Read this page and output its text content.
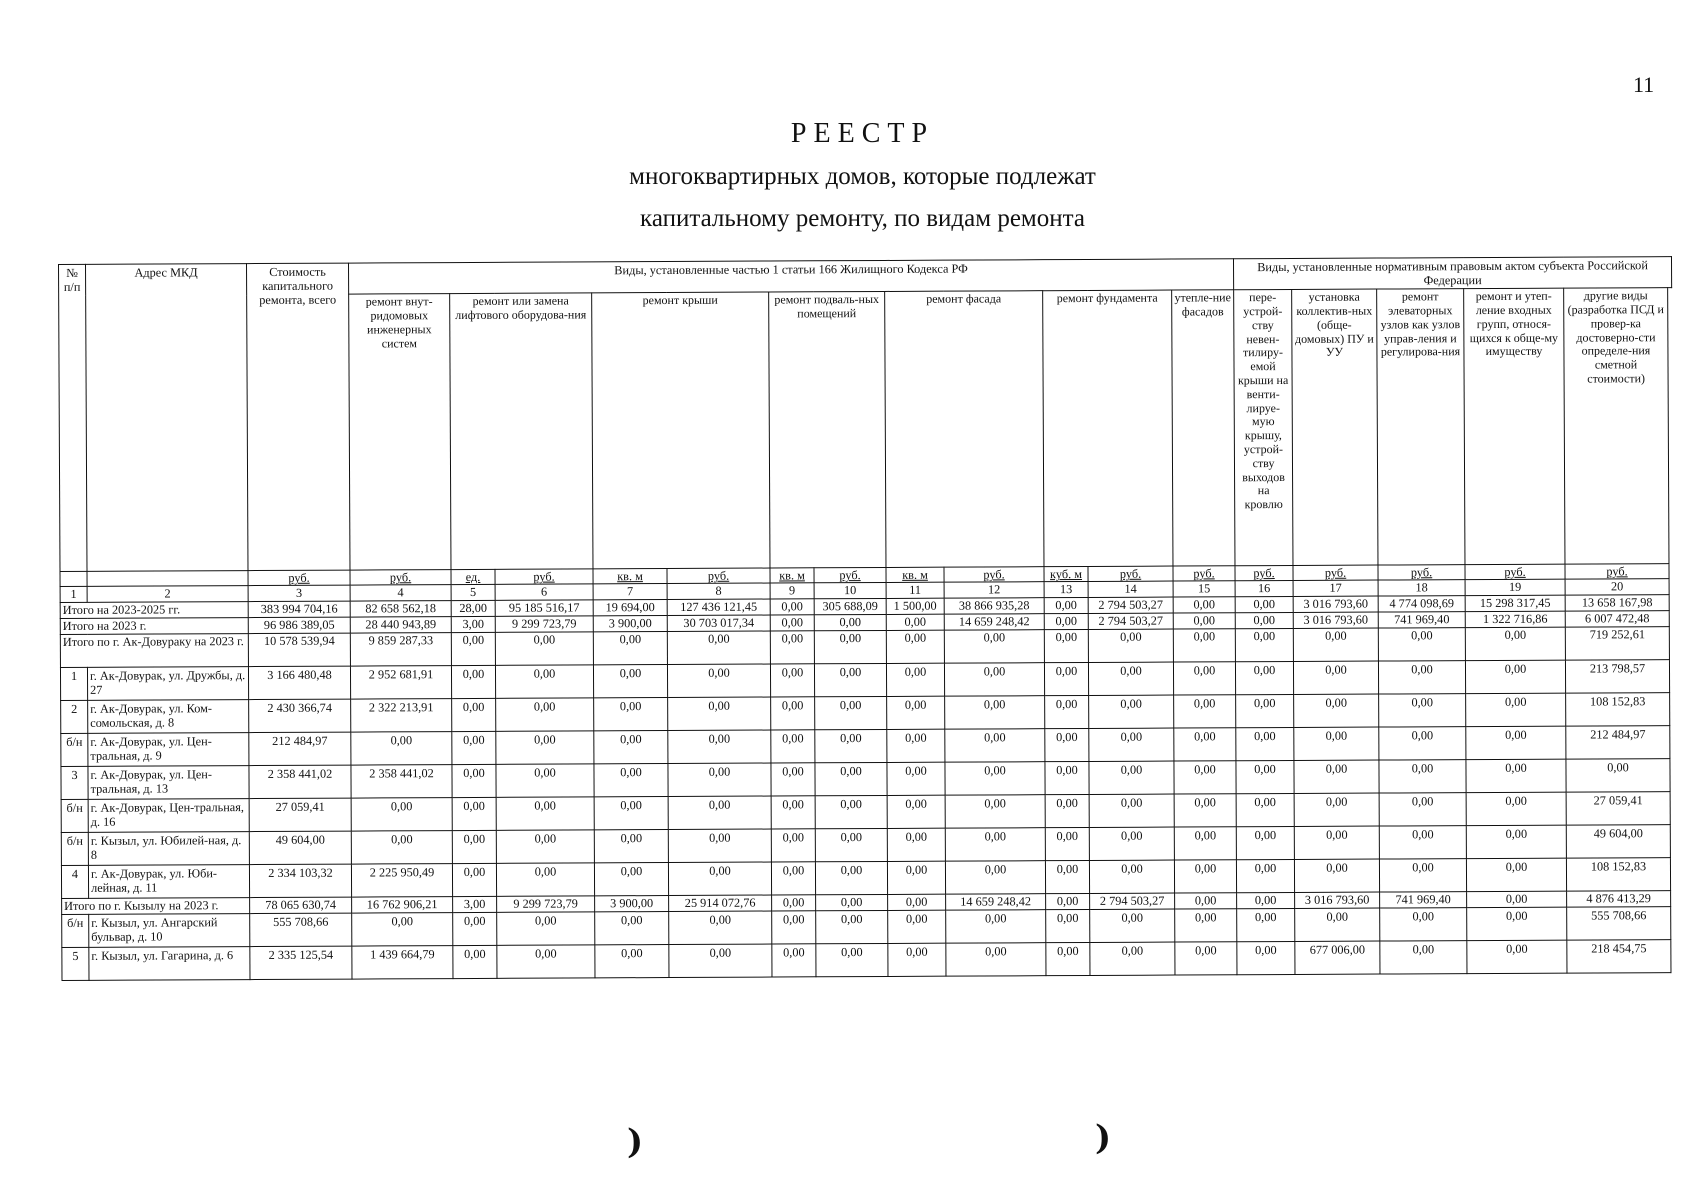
11
РЕЕСТР
многоквартирных домов, которые подлежат
капитальному ремонту, по видам ремонта
№ п/п	Адрес МКД	Стоимость капитального ремонта, всего	Виды, установленные частью 1 статьи 166 Жилищного Кодекса РФ												Виды, установленные нормативным правовым актом субъекта Российской Федерации				
			ремонт внут-ридомовых инженерных систем	ремонт или замена лифтового оборудова-ния		ремонт крыши		ремонт подваль-ных помещений		ремонт фасада		ремонт фундамента		утепле-ние фасадов	пере-устрой-ству невен-тилиру-емой крыши на венти-лируе-мую крышу, устрой-ству выходов на кровлю	установка коллектив-ных (обще-домовых) ПУ и УУ	ремонт элеваторных узлов как узлов управ-ления и регулирова-ния	ремонт и утеп-ление входных групп, относя-щихся к обще-му имуществу	другие виды (разработка ПСД и провер-ка достоверно-сти определе-ния сметной стоимости)
		руб.	руб.	ед.	руб.	кв. м	руб.	кв. м	руб.	кв. м	руб.	куб. м	руб.	руб.	руб.	руб.	руб.	руб.	руб.
1	2	3	4	5	6	7	8	9	10	11	12	13	14	15	16	17	18	19	20
Итого на 2023-2025 гг.		383 994 704,16	82 658 562,18	28,00	95 185 516,17	19 694,00	127 436 121,45	0,00	305 688,09	1 500,00	38 866 935,28	0,00	2 794 503,27	0,00	0,00	3 016 793,60	4 774 098,69	15 298 317,45	13 658 167,98
Итого на 2023 г.		96 986 389,05	28 440 943,89	3,00	9 299 723,79	3 900,00	30 703 017,34	0,00	0,00	0,00	14 659 248,42	0,00	2 794 503,27	0,00	0,00	3 016 793,60	741 969,40	1 322 716,86	6 007 472,48
Итого по г. Ак-Довураку на 2023 г.		10 578 539,94	9 859 287,33	0,00	0,00	0,00	0,00	0,00	0,00	0,00	0,00	0,00	0,00	0,00	0,00	0,00	0,00	0,00	719 252,61
1	г. Ак-Довурак, ул. Дружбы, д. 27	3 166 480,48	2 952 681,91	0,00	0,00	0,00	0,00	0,00	0,00	0,00	0,00	0,00	0,00	0,00	0,00	0,00	0,00	0,00	213 798,57
2	г. Ак-Довурак, ул. Ком-сомольская, д. 8	2 430 366,74	2 322 213,91	0,00	0,00	0,00	0,00	0,00	0,00	0,00	0,00	0,00	0,00	0,00	0,00	0,00	0,00	0,00	108 152,83
б/н	г. Ак-Довурак, ул. Цен-тральная, д. 9	212 484,97	0,00	0,00	0,00	0,00	0,00	0,00	0,00	0,00	0,00	0,00	0,00	0,00	0,00	0,00	0,00	0,00	212 484,97
3	г. Ак-Довурак, ул. Цен-тральная, д. 13	2 358 441,02	2 358 441,02	0,00	0,00	0,00	0,00	0,00	0,00	0,00	0,00	0,00	0,00	0,00	0,00	0,00	0,00	0,00	0,00
б/н	г. Ак-Довурак, Цен-тральная, д. 16	27 059,41	0,00	0,00	0,00	0,00	0,00	0,00	0,00	0,00	0,00	0,00	0,00	0,00	0,00	0,00	0,00	0,00	27 059,41
б/н	г. Кызыл, ул. Юбилей-ная, д. 8	49 604,00	0,00	0,00	0,00	0,00	0,00	0,00	0,00	0,00	0,00	0,00	0,00	0,00	0,00	0,00	0,00	0,00	49 604,00
4	г. Ак-Довурак, ул. Юби-лейная, д. 11	2 334 103,32	2 225 950,49	0,00	0,00	0,00	0,00	0,00	0,00	0,00	0,00	0,00	0,00	0,00	0,00	0,00	0,00	0,00	108 152,83
Итого по г. Кызылу на 2023 г.		78 065 630,74	16 762 906,21	3,00	9 299 723,79	3 900,00	25 914 072,76	0,00	0,00	0,00	14 659 248,42	0,00	2 794 503,27	0,00	0,00	3 016 793,60	741 969,40	0,00	4 876 413,29
б/н	г. Кызыл, ул. Ангарский бульвар, д. 10	555 708,66	0,00	0,00	0,00	0,00	0,00	0,00	0,00	0,00	0,00	0,00	0,00	0,00	0,00	0,00	0,00	0,00	555 708,66
5	г. Кызыл, ул. Гагарина, д. 6	2 335 125,54	1 439 664,79	0,00	0,00	0,00	0,00	0,00	0,00	0,00	0,00	0,00	0,00	0,00	0,00	677 006,00	0,00	0,00	218 454,75
)	)
